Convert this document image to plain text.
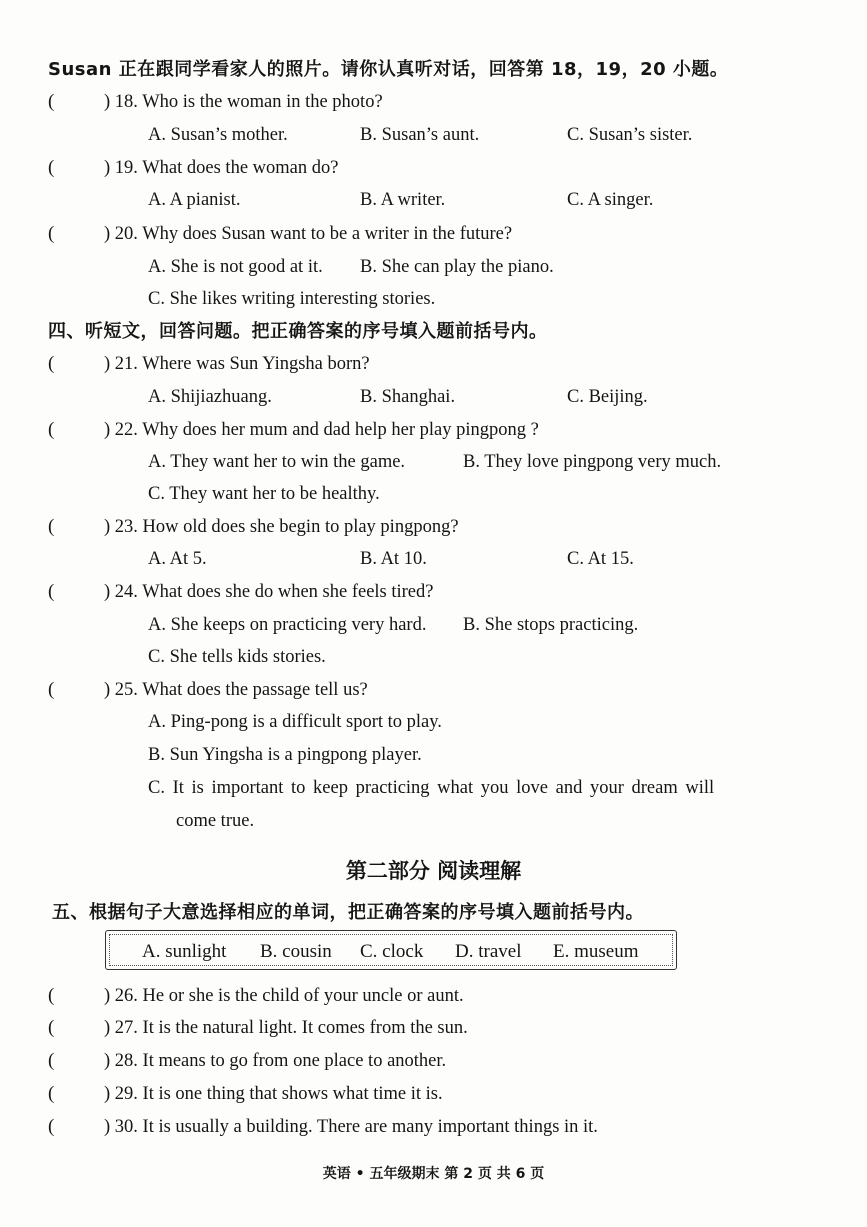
Susan 正在跟同学看家人的照片。请你认真听对话，回答第 18，19，20 小题。
(	) 18. Who is the woman in the photo?
A. Susan’s mother.	B. Susan’s aunt.	C. Susan’s sister.
(	) 19. What does the woman do?
A. A pianist.	B. A writer.	C. A singer.
(	) 20. Why does Susan want to be a writer in the future?
A. She is not good at it. B. She can play the piano.
C. She likes writing interesting stories.
四、听短文，回答问题。把正确答案的序号填入题前括号内。
(	) 21. Where was Sun Yingsha born?
A. Shijiazhuang.	B. Shanghai.	C. Beijing.
(	) 22. Why does her mum and dad help her play pingpong ?
A. They want her to win the game.	B. They love pingpong very much.
C. They want her to be healthy.
(	) 23. How old does she begin to play pingpong?
A. At 5.	B. At 10.	C. At 15.
(	) 24. What does she do when she feels tired?
A. She keeps on practicing very hard. B. She stops practicing.
C. She tells kids stories.
(	) 25. What does the passage tell us?
A. Ping-pong is a difficult sport to play.
B. Sun Yingsha is a pingpong player.
C. It is important to keep practicing what you love and your dream will
come true.
第二部分 阅读理解
五、根据句子大意选择相应的单词，把正确答案的序号填入题前括号内。
A. sunlight B. cousin C. clock D. travel E. museum
(	) 26. He or she is the child of your uncle or aunt.
(	) 27. It is the natural light. It comes from the sun.
(	) 28. It means to go from one place to another.
(	) 29. It is one thing that shows what time it is.
(	) 30. It is usually a building. There are many important things in it.
英语 • 五年级期末 第 2 页 共 6 页
